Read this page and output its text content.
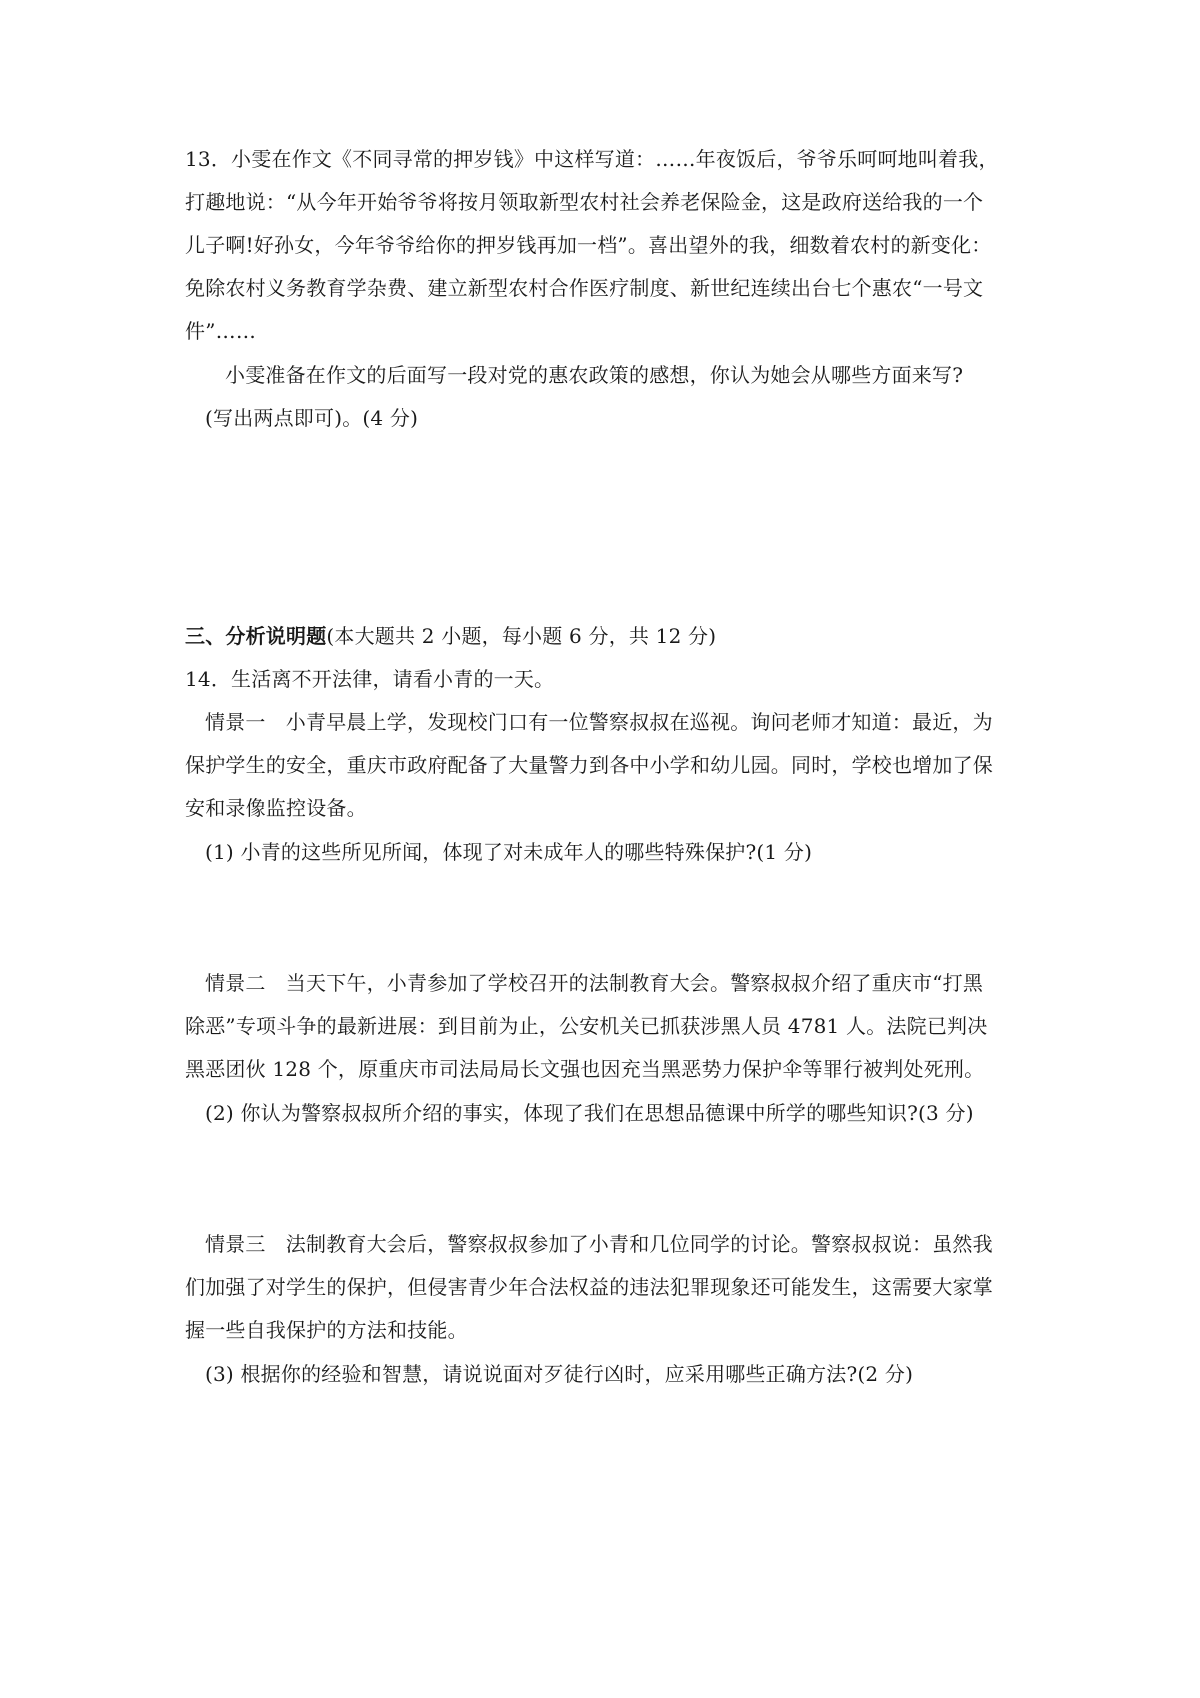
13．小雯在作文《不同寻常的押岁钱》中这样写道：……年夜饭后，爷爷乐呵呵地叫着我，
打趣地说：“从今年开始爷爷将按月领取新型农村社会养老保险金，这是政府送给我的一个
儿子啊!好孙女，今年爷爷给你的押岁钱再加一档”。喜出望外的我，细数着农村的新变化：
免除农村义务教育学杂费、建立新型农村合作医疗制度、新世纪连续出台七个惠农“一号文
件”……
小雯准备在作文的后面写一段对党的惠农政策的感想，你认为她会从哪些方面来写?
(写出两点即可)。(4 分)
三、分析说明题(本大题共 2 小题，每小题 6 分，共 12 分)
14．生活离不开法律，请看小青的一天。
情景一　小青早晨上学，发现校门口有一位警察叔叔在巡视。询问老师才知道：最近，为
保护学生的安全，重庆市政府配备了大量警力到各中小学和幼儿园。同时，学校也增加了保
安和录像监控设备。
(1) 小青的这些所见所闻，体现了对未成年人的哪些特殊保护?(1 分)
情景二　当天下午，小青参加了学校召开的法制教育大会。警察叔叔介绍了重庆市“打黑
除恶”专项斗争的最新进展：到目前为止，公安机关已抓获涉黑人员 4781 人。法院已判决
黑恶团伙 128 个，原重庆市司法局局长文强也因充当黑恶势力保护伞等罪行被判处死刑。
(2) 你认为警察叔叔所介绍的事实，体现了我们在思想品德课中所学的哪些知识?(3 分)
情景三　法制教育大会后，警察叔叔参加了小青和几位同学的讨论。警察叔叔说：虽然我
们加强了对学生的保护，但侵害青少年合法权益的违法犯罪现象还可能发生，这需要大家掌
握一些自我保护的方法和技能。
(3) 根据你的经验和智慧，请说说面对歹徒行凶时，应采用哪些正确方法?(2 分)
